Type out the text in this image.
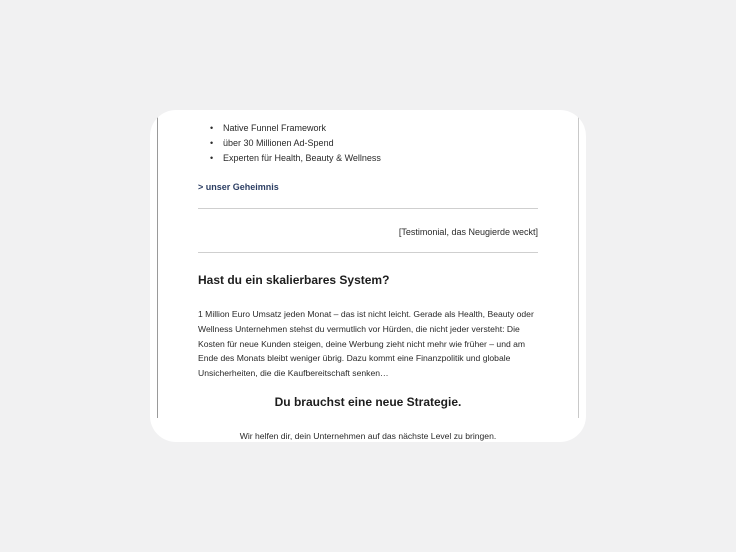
• Native Funnel Framework
• über 30 Millionen Ad-Spend
• Experten für Health, Beauty & Wellness
> unser Geheimnis
[Testimonial, das Neugierde weckt]
Hast du ein skalierbares System?

1 Million Euro Umsatz jeden Monat – das ist nicht leicht. Gerade als Health, Beauty oder Wellness Unternehmen stehst du vermutlich vor Hürden, die nicht jeder versteht: Die Kosten für neue Kunden steigen, deine Werbung zieht nicht mehr wie früher – und am Ende des Monats bleibt weniger übrig. Dazu kommt eine Finanzpolitik und globale Unsicherheiten, die die Kaufbereitschaft senken…

Du brauchst eine neue Strategie.
Wir helfen dir, dein Unternehmen auf das nächste Level zu bringen.
